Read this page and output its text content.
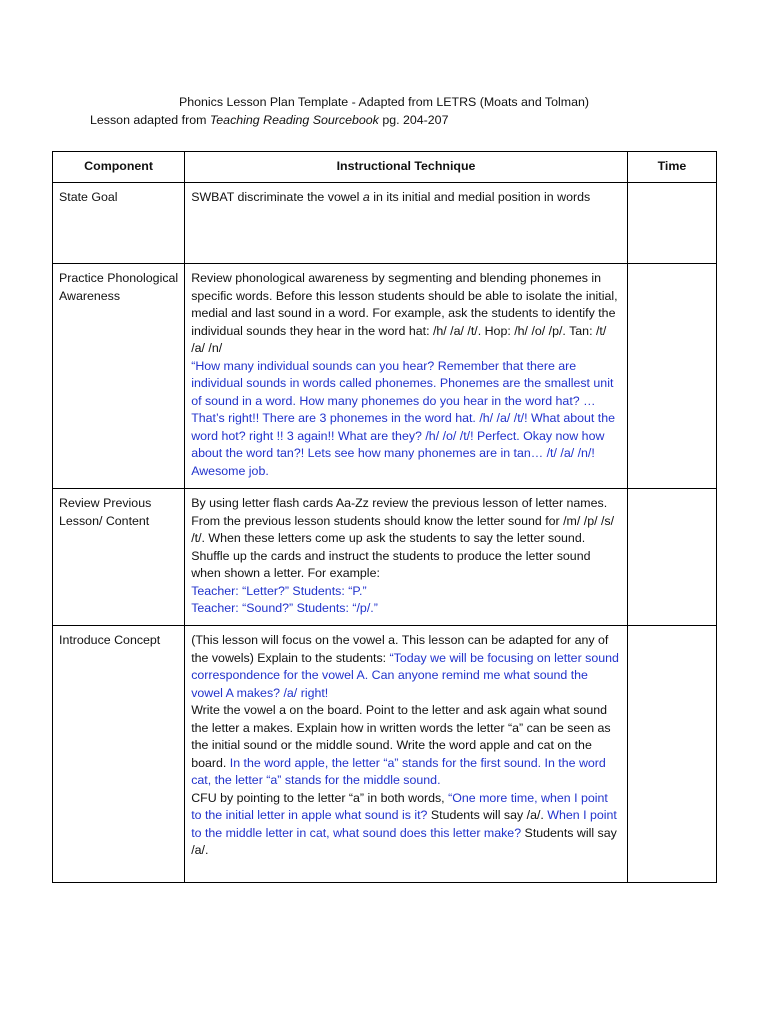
Phonics Lesson Plan Template - Adapted from LETRS (Moats and Tolman)
Lesson adapted from Teaching Reading Sourcebook pg. 204-207
Component	Instructional Technique	Time
State Goal	SWBAT discriminate the vowel a in its initial and medial position in words	
Practice Phonological Awareness	Review phonological awareness by segmenting and blending phonemes in specific words. Before this lesson students should be able to isolate the initial, medial and last sound in a word. For example, ask the students to identify the individual sounds they hear in the word hat: /h/ /a/ /t/. Hop: /h/ /o/ /p/. Tan: /t/ /a/ /n/
“How many individual sounds can you hear? Remember that there are individual sounds in words called phonemes. Phonemes are the smallest unit of sound in a word. How many phonemes do you hear in the word hat? … That’s right!! There are 3 phonemes in the word hat. /h/ /a/ /t/! What about the word hot? right !! 3 again!! What are they? /h/ /o/ /t/! Perfect. Okay now how about the word tan?! Lets see how many phonemes are in tan… /t/ /a/ /n/! Awesome job.	
Review Previous Lesson/ Content	By using letter flash cards Aa-Zz review the previous lesson of letter names. From the previous lesson students should know the letter sound for /m/ /p/ /s/ /t/. When these letters come up ask the students to say the letter sound. Shuffle up the cards and instruct the students to produce the letter sound when shown a letter. For example:
Teacher: “Letter?” Students: “P.”
Teacher: “Sound?” Students: “/p/.”	
Introduce Concept	(This lesson will focus on the vowel a. This lesson can be adapted for any of the vowels) Explain to the students: “Today we will be focusing on letter sound correspondence for the vowel A. Can anyone remind me what sound the vowel A makes? /a/ right!
Write the vowel a on the board. Point to the letter and ask again what sound the letter a makes. Explain how in written words the letter “a” can be seen as the initial sound or the middle sound. Write the word apple and cat on the board. In the word apple, the letter “a” stands for the first sound. In the word cat, the letter “a” stands for the middle sound.
CFU by pointing to the letter “a” in both words, “One more time, when I point to the initial letter in apple what sound is it? Students will say /a/. When I point to the middle letter in cat, what sound does this letter make? Students will say /a/.	
